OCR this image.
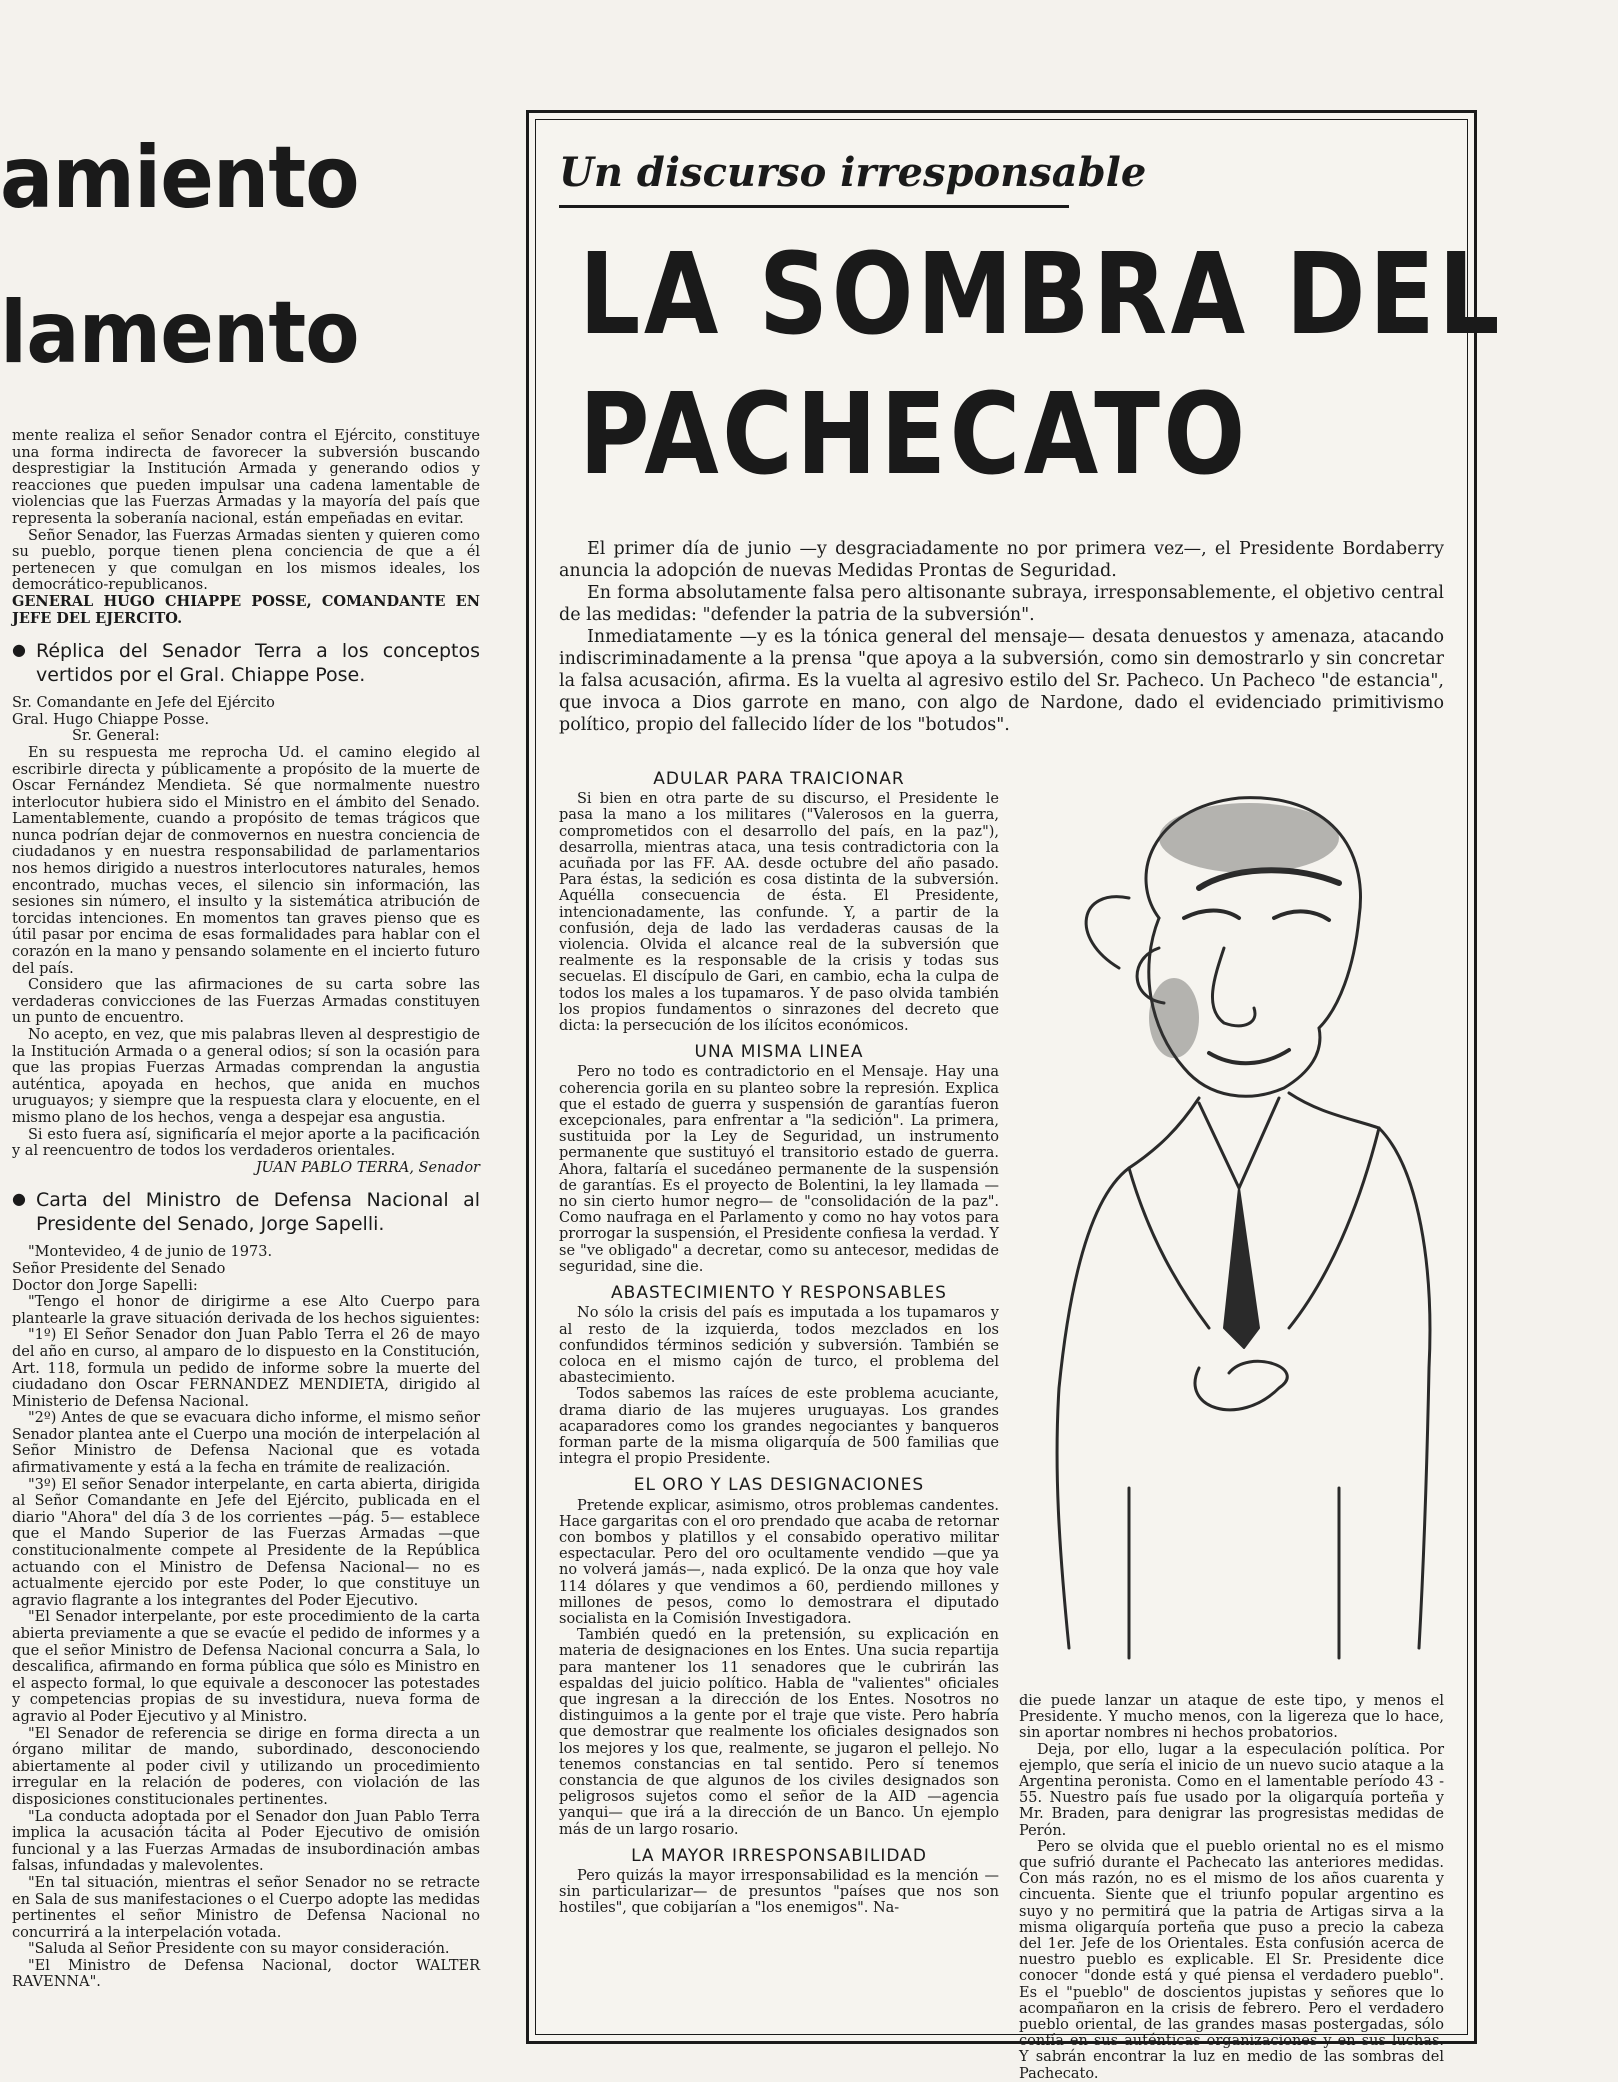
amiento
lamento

mente realiza el señor Senador contra el Ejército, constituye una forma indirecta de favorecer la subversión buscando desprestigiar la Institución Armada y generando odios y reacciones que pueden impulsar una cadena lamentable de violencias que las Fuerzas Armadas y la mayoría del país que representa la soberanía nacional, están empeñadas en evitar.

Señor Senador, las Fuerzas Armadas sienten y quieren como su pueblo, porque tienen plena conciencia de que a él pertenecen y que comulgan en los mismos ideales, los democrático-republicanos.

GENERAL HUGO CHIAPPE POSSE, COMANDANTE EN JEFE DEL EJERCITO.

● Réplica del Senador Terra a los conceptos vertidos por el Gral. Chiappe Pose.

Sr. Comandante en Jefe del Ejército

Gral. Hugo Chiappe Posse.

Sr. General:

En su respuesta me reprocha Ud. el camino elegido al escribirle directa y públicamente a propósito de la muerte de Oscar Fernández Mendieta. Sé que normalmente nuestro interlocutor hubiera sido el Ministro en el ámbito del Senado. Lamentablemente, cuando a propósito de temas trágicos que nunca podrían dejar de conmovernos en nuestra conciencia de ciudadanos y en nuestra responsabilidad de parlamentarios nos hemos dirigido a nuestros interlocutores naturales, hemos encontrado, muchas veces, el silencio sin información, las sesiones sin número, el insulto y la sistemática atribución de torcidas intenciones. En momentos tan graves pienso que es útil pasar por encima de esas formalidades para hablar con el corazón en la mano y pensando solamente en el incierto futuro del país.

Considero que las afirmaciones de su carta sobre las verdaderas convicciones de las Fuerzas Armadas constituyen un punto de encuentro.

No acepto, en vez, que mis palabras lleven al desprestigio de la Institución Armada o a general odios; sí son la ocasión para que las propias Fuerzas Armadas comprendan la angustia auténtica, apoyada en hechos, que anida en muchos uruguayos; y siempre que la respuesta clara y elocuente, en el mismo plano de los hechos, venga a despejar esa angustia.

Si esto fuera así, significaría el mejor aporte a la pacificación y al reencuentro de todos los verdaderos orientales.

JUAN PABLO TERRA, Senador

● Carta del Ministro de Defensa Nacional al Presidente del Senado, Jorge Sapelli.

"Montevideo, 4 de junio de 1973.

Señor Presidente del Senado

Doctor don Jorge Sapelli:

"Tengo el honor de dirigirme a ese Alto Cuerpo para plantearle la grave situación derivada de los hechos siguientes:

"1º) El Señor Senador don Juan Pablo Terra el 26 de mayo del año en curso, al amparo de lo dispuesto en la Constitución, Art. 118, formula un pedido de informe sobre la muerte del ciudadano don Oscar FERNANDEZ MENDIETA, dirigido al Ministerio de Defensa Nacional.

"2º) Antes de que se evacuara dicho informe, el mismo señor Senador plantea ante el Cuerpo una moción de interpelación al Señor Ministro de Defensa Nacional que es votada afirmativamente y está a la fecha en trámite de realización.

"3º) El señor Senador interpelante, en carta abierta, dirigida al Señor Comandante en Jefe del Ejército, publicada en el diario "Ahora" del día 3 de los corrientes —pág. 5— establece que el Mando Superior de las Fuerzas Armadas —que constitucionalmente compete al Presidente de la República actuando con el Ministro de Defensa Nacional— no es actualmente ejercido por este Poder, lo que constituye un agravio flagrante a los integrantes del Poder Ejecutivo.

"El Senador interpelante, por este procedimiento de la carta abierta previamente a que se evacúe el pedido de informes y a que el señor Ministro de Defensa Nacional concurra a Sala, lo descalifica, afirmando en forma pública que sólo es Ministro en el aspecto formal, lo que equivale a desconocer las potestades y competencias propias de su investidura, nueva forma de agravio al Poder Ejecutivo y al Ministro.

"El Senador de referencia se dirige en forma directa a un órgano militar de mando, subordinado, desconociendo abiertamente al poder civil y utilizando un procedimiento irregular en la relación de poderes, con violación de las disposiciones constitucionales pertinentes.

"La conducta adoptada por el Senador don Juan Pablo Terra implica la acusación tácita al Poder Ejecutivo de omisión funcional y a las Fuerzas Armadas de insubordinación ambas falsas, infundadas y malevolentes.

"En tal situación, mientras el señor Senador no se retracte en Sala de sus manifestaciones o el Cuerpo adopte las medidas pertinentes el señor Ministro de Defensa Nacional no concurrirá a la interpelación votada.

"Saluda al Señor Presidente con su mayor consideración.

"El Ministro de Defensa Nacional, doctor WALTER RAVENNA".

Un discurso irresponsable
LA SOMBRA DEL
PACHECATO

El primer día de junio —y desgraciadamente no por primera vez—, el Presidente Bordaberry anuncia la adopción de nuevas Medidas Prontas de Seguridad.

En forma absolutamente falsa pero altisonante subraya, irresponsablemente, el objetivo central de las medidas: "defender la patria de la subversión".

Inmediatamente —y es la tónica general del mensaje— desata denuestos y amenaza, atacando indiscriminadamente a la prensa "que apoya a la subversión, como sin demostrarlo y sin concretar la falsa acusación, afirma. Es la vuelta al agresivo estilo del Sr. Pacheco. Un Pacheco "de estancia", que invoca a Dios garrote en mano, con algo de Nardone, dado el evidenciado primitivismo político, propio del fallecido líder de los "botudos".

ADULAR PARA TRAICIONAR

Si bien en otra parte de su discurso, el Presidente le pasa la mano a los militares ("Valerosos en la guerra, comprometidos con el desarrollo del país, en la paz"), desarrolla, mientras ataca, una tesis contradictoria con la acuñada por las FF. AA. desde octubre del año pasado. Para éstas, la sedición es cosa distinta de la subversión. Aquélla consecuencia de ésta. El Presidente, intencionadamente, las confunde. Y, a partir de la confusión, deja de lado las verdaderas causas de la violencia. Olvida el alcance real de la subversión que realmente es la responsable de la crisis y todas sus secuelas. El discípulo de Gari, en cambio, echa la culpa de todos los males a los tupamaros. Y de paso olvida también los propios fundamentos o sinrazones del decreto que dicta: la persecución de los ilícitos económicos.

UNA MISMA LINEA

Pero no todo es contradictorio en el Mensaje. Hay una coherencia gorila en su planteo sobre la represión. Explica que el estado de guerra y suspensión de garantías fueron excepcionales, para enfrentar a "la sedición". La primera, sustituida por la Ley de Seguridad, un instrumento permanente que sustituyó el transitorio estado de guerra. Ahora, faltaría el sucedáneo permanente de la suspensión de garantías. Es el proyecto de Bolentini, la ley llamada —no sin cierto humor negro— de "consolidación de la paz". Como naufraga en el Parlamento y como no hay votos para prorrogar la suspensión, el Presidente confiesa la verdad. Y se "ve obligado" a decretar, como su antecesor, medidas de seguridad, sine die.

ABASTECIMIENTO Y RESPONSABLES

No sólo la crisis del país es imputada a los tupamaros y al resto de la izquierda, todos mezclados en los confundidos términos sedición y subversión. También se coloca en el mismo cajón de turco, el problema del abastecimiento.

Todos sabemos las raíces de este problema acuciante, drama diario de las mujeres uruguayas. Los grandes acaparadores como los grandes negociantes y banqueros forman parte de la misma oligarquía de 500 familias que integra el propio Presidente.

EL ORO Y LAS DESIGNACIONES

Pretende explicar, asimismo, otros problemas candentes. Hace gargaritas con el oro prendado que acaba de retornar con bombos y platillos y el consabido operativo militar espectacular. Pero del oro ocultamente vendido —que ya no volverá jamás—, nada explicó. De la onza que hoy vale 114 dólares y que vendimos a 60, perdiendo millones y millones de pesos, como lo demostrara el diputado socialista en la Comisión Investigadora.

También quedó en la pretensión, su explicación en materia de designaciones en los Entes. Una sucia repartija para mantener los 11 senadores que le cubrirán las espaldas del juicio político. Habla de "valientes" oficiales que ingresan a la dirección de los Entes. Nosotros no distinguimos a la gente por el traje que viste. Pero habría que demostrar que realmente los oficiales designados son los mejores y los que, realmente, se jugaron el pellejo. No tenemos constancias en tal sentido. Pero sí tenemos constancia de que algunos de los civiles designados son peligrosos sujetos como el señor de la AID —agencia yanqui— que irá a la dirección de un Banco. Un ejemplo más de un largo rosario.

LA MAYOR IRRESPONSABILIDAD

Pero quizás la mayor irresponsabilidad es la mención —sin particularizar— de presuntos "países que nos son hostiles", que cobijarían a "los enemigos". Na-

die puede lanzar un ataque de este tipo, y menos el Presidente. Y mucho menos, con la ligereza que lo hace, sin aportar nombres ni hechos probatorios.

Deja, por ello, lugar a la especulación política. Por ejemplo, que sería el inicio de un nuevo sucio ataque a la Argentina peronista. Como en el lamentable período 43 - 55. Nuestro país fue usado por la oligarquía porteña y Mr. Braden, para denigrar las progresistas medidas de Perón.

Pero se olvida que el pueblo oriental no es el mismo que sufrió durante el Pachecato las anteriores medidas. Con más razón, no es el mismo de los años cuarenta y cincuenta. Siente que el triunfo popular argentino es suyo y no permitirá que la patria de Artigas sirva a la misma oligarquía porteña que puso a precio la cabeza del 1er. Jefe de los Orientales. Esta confusión acerca de nuestro pueblo es explicable. El Sr. Presidente dice conocer "donde está y qué piensa el verdadero pueblo". Es el "pueblo" de doscientos jupistas y señores que lo acompañaron en la crisis de febrero. Pero el verdadero pueblo oriental, de las grandes masas postergadas, sólo confía en sus auténticas organizaciones y en sus luchas. Y sabrán encontrar la luz en medio de las sombras del Pachecato.
